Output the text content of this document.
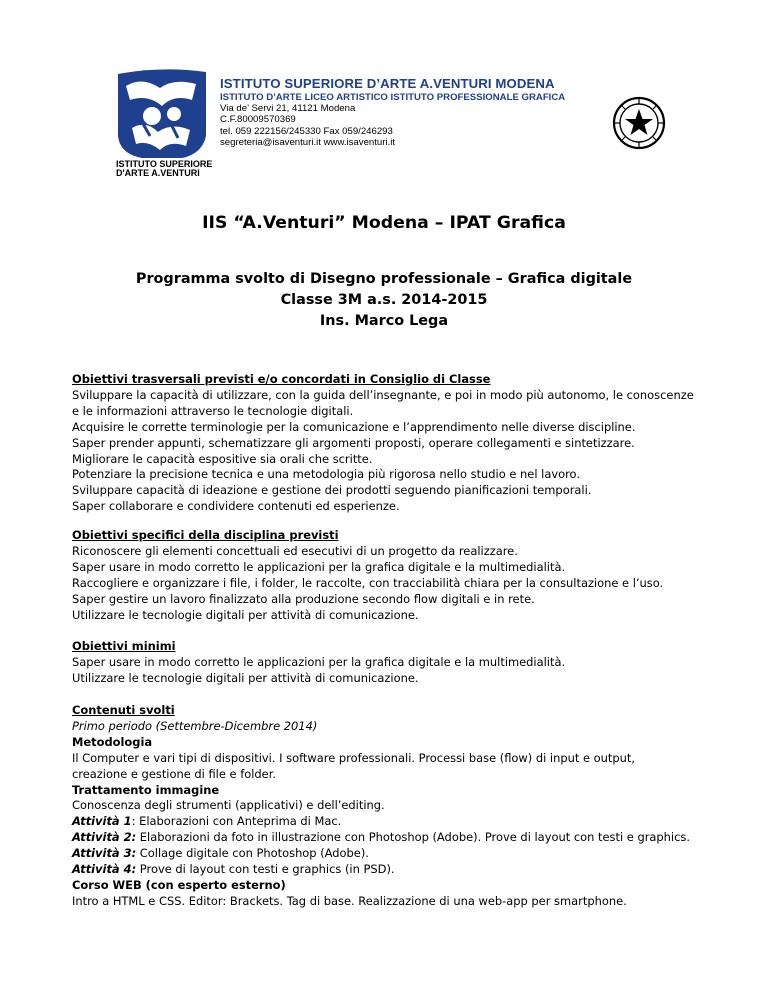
ISTITUTO SUPERIORE
D'ARTE A.VENTURI
ISTITUTO SUPERIORE D’ARTE A.VENTURI MODENA
ISTITUTO D’ARTE LICEO ARTISTICO ISTITUTO PROFESSIONALE GRAFICA
Via de’ Servi 21, 41121 Modena
C.F.80009570369
tel. 059 222156/245330 Fax 059/246293
segreteria@isaventuri.it www.isaventuri.it
IIS “A.Venturi” Modena – IPAT Grafica
Programma svolto di Disegno professionale – Grafica digitale
Classe 3M a.s. 2014-2015
Ins. Marco Lega

Obiettivi trasversali previsti e/o concordati in Consiglio di Classe

Sviluppare la capacità di utilizzare, con la guida dell’insegnante, e poi in modo più autonomo, le conoscenze

e le informazioni attraverso le tecnologie digitali.

Acquisire le corrette terminologie per la comunicazione e l’apprendimento nelle diverse discipline.

Saper prender appunti, schematizzare gli argomenti proposti, operare collegamenti e sintetizzare.

Migliorare le capacità espositive sia orali che scritte.

Potenziare la precisione tecnica e una metodologia più rigorosa nello studio e nel lavoro.

Sviluppare capacità di ideazione e gestione dei prodotti seguendo pianificazioni temporali.

Saper collaborare e condividere contenuti ed esperienze.

Obiettivi specifici della disciplina previsti

Riconoscere gli elementi concettuali ed esecutivi di un progetto da realizzare.

Saper usare in modo corretto le applicazioni per la grafica digitale e la multimedialità.

Raccogliere e organizzare i file, i folder, le raccolte, con tracciabilità chiara per la consultazione e l’uso.

Saper gestire un lavoro finalizzato alla produzione secondo flow digitali e in rete.

Utilizzare le tecnologie digitali per attività di comunicazione.

Obiettivi minimi

Saper usare in modo corretto le applicazioni per la grafica digitale e la multimedialità.

Utilizzare le tecnologie digitali per attività di comunicazione.

Contenuti svolti

Primo periodo (Settembre-Dicembre 2014)

Metodologia

Il Computer e vari tipi di dispositivi. I software professionali. Processi base (flow) di input e output,

creazione e gestione di file e folder.

Trattamento immagine

Conoscenza degli strumenti (applicativi) e dell’editing.

Attività 1: Elaborazioni con Anteprima di Mac.

Attività 2: Elaborazioni da foto in illustrazione con Photoshop (Adobe). Prove di layout con testi e graphics.

Attività 3: Collage digitale con Photoshop (Adobe).

Attività 4: Prove di layout con testi e graphics (in PSD).

Corso WEB (con esperto esterno)

Intro a HTML e CSS. Editor: Brackets. Tag di base. Realizzazione di una web-app per smartphone.
